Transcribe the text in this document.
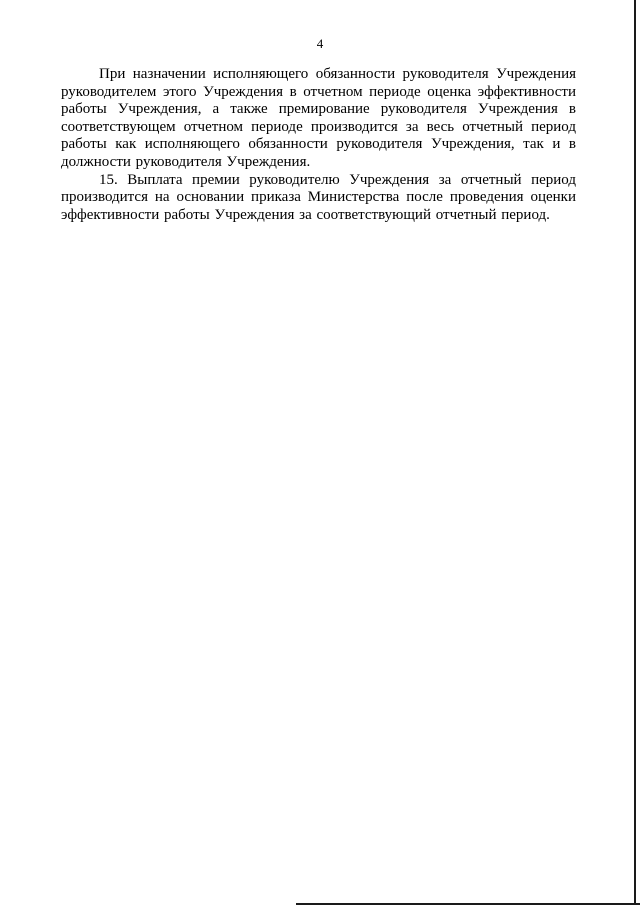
4

При назначении исполняющего обязанности руководителя Учреждения руководителем этого Учреждения в отчетном периоде оценка эффективности работы Учреждения, а также премирование руководителя Учреждения в соответствующем отчетном периоде производится за весь отчетный период работы как исполняющего обязанности руководителя Учреждения, так и в должности руководителя Учреждения.

15. Выплата премии руководителю Учреждения за отчетный период производится на основании приказа Министерства после проведения оценки эффективности работы Учреждения за соответствующий отчетный период.
